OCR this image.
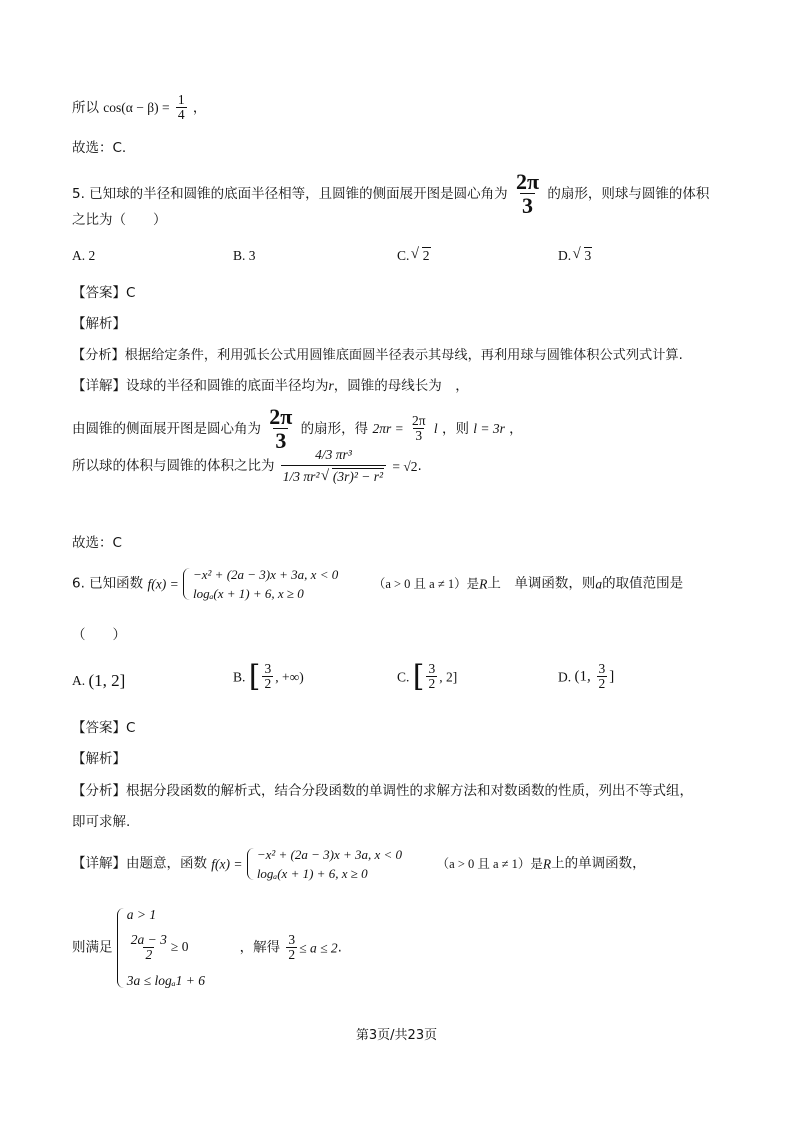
所以 $\cos(\alpha - \beta) = \frac{1}{4}$ ，
故选：C.
5. 已知球的半径和圆锥的底面半径相等，且圆锥的侧面展开图是圆心角为 $\frac{2\pi}{3}$ 的扇形，则球与圆锥的体积
之比为（　　）
A. 2	B. 3	C. √ 2	D. √ 3
【答案】C
【解析】
【分析】根据给定条件，利用弧长公式用圆锥底面圆半径表示其母线，再利用球与圆锥体积公式列式计算.
【详解】设球的半径和圆锥的底面半径均为r，圆锥的母线长为　，
由圆锥的侧面展开图是圆心角为 $\frac{2\pi}{3}$ 的扇形，得 $2\pi r = \frac{2\pi}{3}$ l ，则 l = 3r ，
所以球的体积与圆锥的体积之比为 $\frac{\text{4/3 πr³}}{\text{1/3 πr² √ (3r)² − r²}} = √2$.
故选：C
6. 已知函数 f(x) =
−x² + (2a − 3)x + 3a, x < 0
logₐ(x + 1) + 6, x ≥ 0
（a > 0 且 a ≠ 1）是R上　单调函数，则a的取值范围是
（　　）
A. (1, 2]	B. [ $\frac{3}{2}$ , +∞)	C. [ $\frac{3}{2}$ , 2]	D. (1, $\frac{3}{2}$ ]
【答案】C
【解析】
【分析】根据分段函数的解析式，结合分段函数的单调性的求解方法和对数函数的性质，列出不等式组，
即可求解.
【详解】由题意，函数 f(x) =
−x² + (2a − 3)x + 3a, x < 0
logₐ(x + 1) + 6, x ≥ 0
（a > 0 且 a ≠ 1）是R上的单调函数，
则满足
a > 1
$\frac{2a - 3}{2} \ge 0$
3a ≤ logₐ1 + 6
，解得 $\frac{3}{2} \le a \le 2$.
第3页/共23页
